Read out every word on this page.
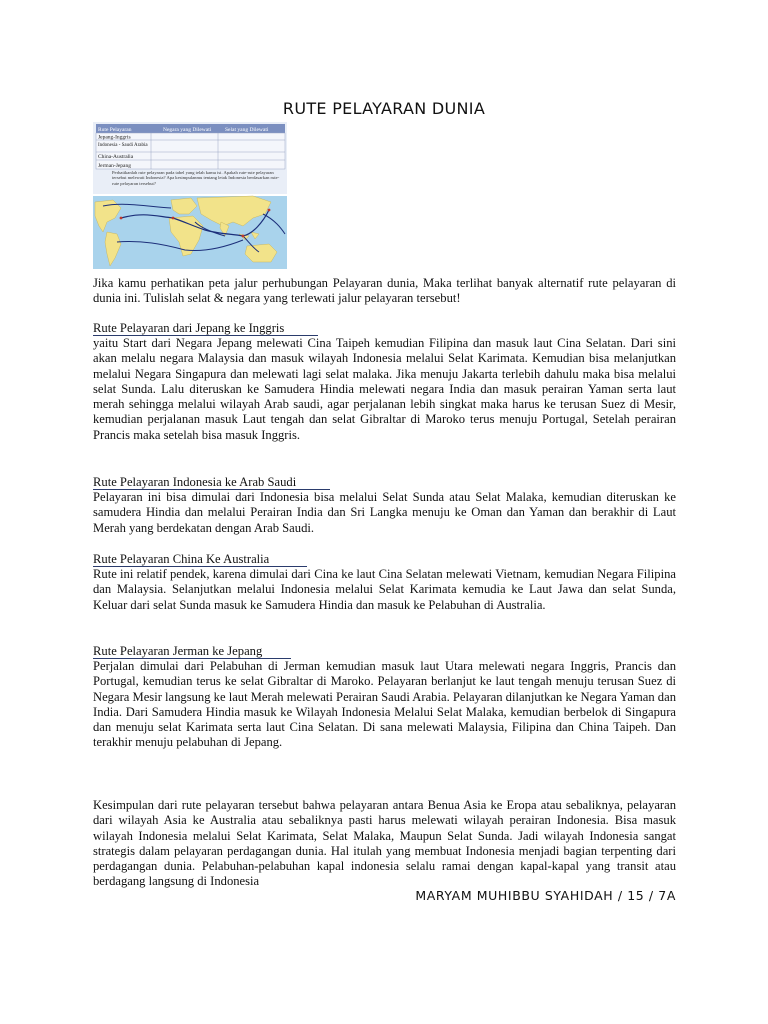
RUTE PELAYARAN DUNIA
Rute Pelayaran	Negara yang Dilewati Selat yang Dilewati
Jepang-Inggris
Indonesia - Saudi Arabia
China-Australia
Jerman-Jepang
Perhatikanlah rute pelayaran pada tabel yang telah kamu isi. Apakah rute-rute pelayaran tersebut melewati Indonesia? Apa kesimpulanmu tentang letak Indonesia berdasarkan rute-rute pelayaran tersebut?

Jika kamu perhatikan peta jalur perhubungan Pelayaran dunia, Maka terlihat banyak alternatif rute pelayaran di dunia ini. Tulislah selat & negara yang terlewati jalur pelayaran tersebut!

Rute Pelayaran dari Jepang ke Inggris

yaitu Start dari Negara Jepang melewati Cina Taipeh kemudian Filipina dan masuk laut Cina Selatan. Dari sini akan melalu negara Malaysia dan masuk wilayah Indonesia melalui Selat Karimata. Kemudian bisa melanjutkan melalui Negara Singapura dan melewati lagi selat malaka. Jika menuju Jakarta terlebih dahulu maka bisa melalui selat Sunda. Lalu diteruskan ke Samudera Hindia melewati negara India dan masuk perairan Yaman serta laut merah sehingga melalui wilayah Arab saudi, agar perjalanan lebih singkat maka harus ke terusan Suez di Mesir, kemudian perjalanan masuk Laut tengah dan selat Gibraltar di Maroko terus menuju Portugal, Setelah perairan Prancis maka setelah bisa masuk Inggris.

Rute Pelayaran Indonesia ke Arab Saudi

Pelayaran ini bisa dimulai dari Indonesia bisa melalui Selat Sunda atau Selat Malaka, kemudian diteruskan ke samudera Hindia dan melalui Perairan India dan Sri Langka menuju ke Oman dan Yaman dan berakhir di Laut Merah yang berdekatan dengan Arab Saudi.

Rute Pelayaran China Ke Australia

Rute ini relatif pendek, karena dimulai dari Cina ke laut Cina Selatan melewati Vietnam, kemudian Negara Filipina dan Malaysia. Selanjutkan melalui Indonesia melalui Selat Karimata kemudia ke Laut Jawa dan selat Sunda, Keluar dari selat Sunda masuk ke Samudera Hindia dan masuk ke Pelabuhan di Australia.

Rute Pelayaran Jerman ke Jepang

Perjalan dimulai dari Pelabuhan di Jerman kemudian masuk laut Utara melewati negara Inggris, Prancis dan Portugal, kemudian terus ke selat Gibraltar di Maroko. Pelayaran berlanjut ke laut tengah menuju terusan Suez di Negara Mesir langsung ke laut Merah melewati Perairan Saudi Arabia. Pelayaran dilanjutkan ke Negara Yaman dan India. Dari Samudera Hindia masuk ke Wilayah Indonesia Melalui Selat Malaka, kemudian berbelok di Singapura dan menuju selat Karimata serta laut Cina Selatan. Di sana melewati Malaysia, Filipina dan China Taipeh. Dan terakhir menuju pelabuhan di Jepang.

Kesimpulan dari rute pelayaran tersebut bahwa pelayaran antara Benua Asia ke Eropa atau sebaliknya, pelayaran dari wilayah Asia ke Australia atau sebaliknya pasti harus melewati wilayah perairan Indonesia. Bisa masuk wilayah Indonesia melalui Selat Karimata, Selat Malaka, Maupun Selat Sunda. Jadi wilayah Indonesia sangat strategis dalam pelayaran perdagangan dunia. Hal itulah yang membuat Indonesia menjadi bagian terpenting dari perdagangan dunia. Pelabuhan-pelabuhan kapal indonesia selalu ramai dengan kapal-kapal yang transit atau berdagang langsung di Indonesia

MARYAM MUHIBBU SYAHIDAH / 15 / 7A
